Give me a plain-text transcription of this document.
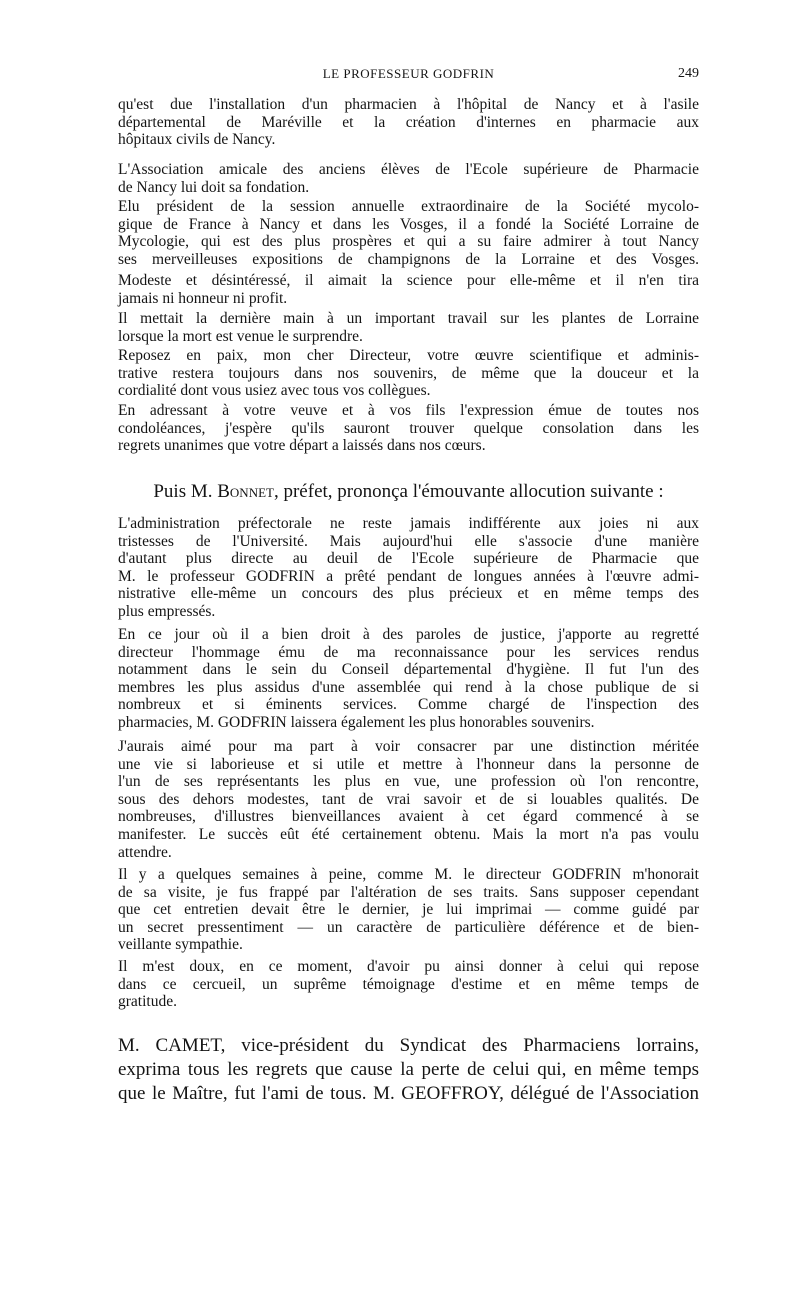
LE PROFESSEUR GODFRIN	249

qu'est due l'installation d'un pharmacien à l'hôpital de Nancy et à l'asile
départemental de Maréville et la création d'internes en pharmacie aux
hôpitaux civils de Nancy.

L'Association amicale des anciens élèves de l'Ecole supérieure de Pharmacie
de Nancy lui doit sa fondation.

Elu président de la session annuelle extraordinaire de la Société mycolo-
gique de France à Nancy et dans les Vosges, il a fondé la Société Lorraine de
Mycologie, qui est des plus prospères et qui a su faire admirer à tout Nancy
ses merveilleuses expositions de champignons de la Lorraine et des Vosges.

Modeste et désintéressé, il aimait la science pour elle-même et il n'en tira
jamais ni honneur ni profit.

Il mettait la dernière main à un important travail sur les plantes de Lorraine
lorsque la mort est venue le surprendre.

Reposez en paix, mon cher Directeur, votre œuvre scientifique et adminis-
trative restera toujours dans nos souvenirs, de même que la douceur et la
cordialité dont vous usiez avec tous vos collègues.

En adressant à votre veuve et à vos fils l'expression émue de toutes nos
condoléances, j'espère qu'ils sauront trouver quelque consolation dans les
regrets unanimes que votre départ a laissés dans nos cœurs.

Puis M. Bonnet, préfet, prononça l'émouvante allocution suivante :

L'administration préfectorale ne reste jamais indifférente aux joies ni aux
tristesses de l'Université. Mais aujourd'hui elle s'associe d'une manière
d'autant plus directe au deuil de l'Ecole supérieure de Pharmacie que
M. le professeur GODFRIN a prêté pendant de longues années à l'œuvre admi-
nistrative elle-même un concours des plus précieux et en même temps des
plus empressés.

En ce jour où il a bien droit à des paroles de justice, j'apporte au regretté
directeur l'hommage ému de ma reconnaissance pour les services rendus
notamment dans le sein du Conseil départemental d'hygiène. Il fut l'un des
membres les plus assidus d'une assemblée qui rend à la chose publique de si
nombreux et si éminents services. Comme chargé de l'inspection des
pharmacies, M. GODFRIN laissera également les plus honorables souvenirs.

J'aurais aimé pour ma part à voir consacrer par une distinction méritée
une vie si laborieuse et si utile et mettre à l'honneur dans la personne de
l'un de ses représentants les plus en vue, une profession où l'on rencontre,
sous des dehors modestes, tant de vrai savoir et de si louables qualités. De
nombreuses, d'illustres bienveillances avaient à cet égard commencé à se
manifester. Le succès eût été certainement obtenu. Mais la mort n'a pas voulu
attendre.

Il y a quelques semaines à peine, comme M. le directeur GODFRIN m'honorait
de sa visite, je fus frappé par l'altération de ses traits. Sans supposer cependant
que cet entretien devait être le dernier, je lui imprimai — comme guidé par
un secret pressentiment — un caractère de particulière déférence et de bien-
veillante sympathie.

Il m'est doux, en ce moment, d'avoir pu ainsi donner à celui qui repose
dans ce cercueil, un suprême témoignage d'estime et en même temps de
gratitude.

M. CAMET, vice-président du Syndicat des Pharmaciens lorrains,
exprima tous les regrets que cause la perte de celui qui, en même temps
que le Maître, fut l'ami de tous. M. GEOFFROY, délégué de l'Association
